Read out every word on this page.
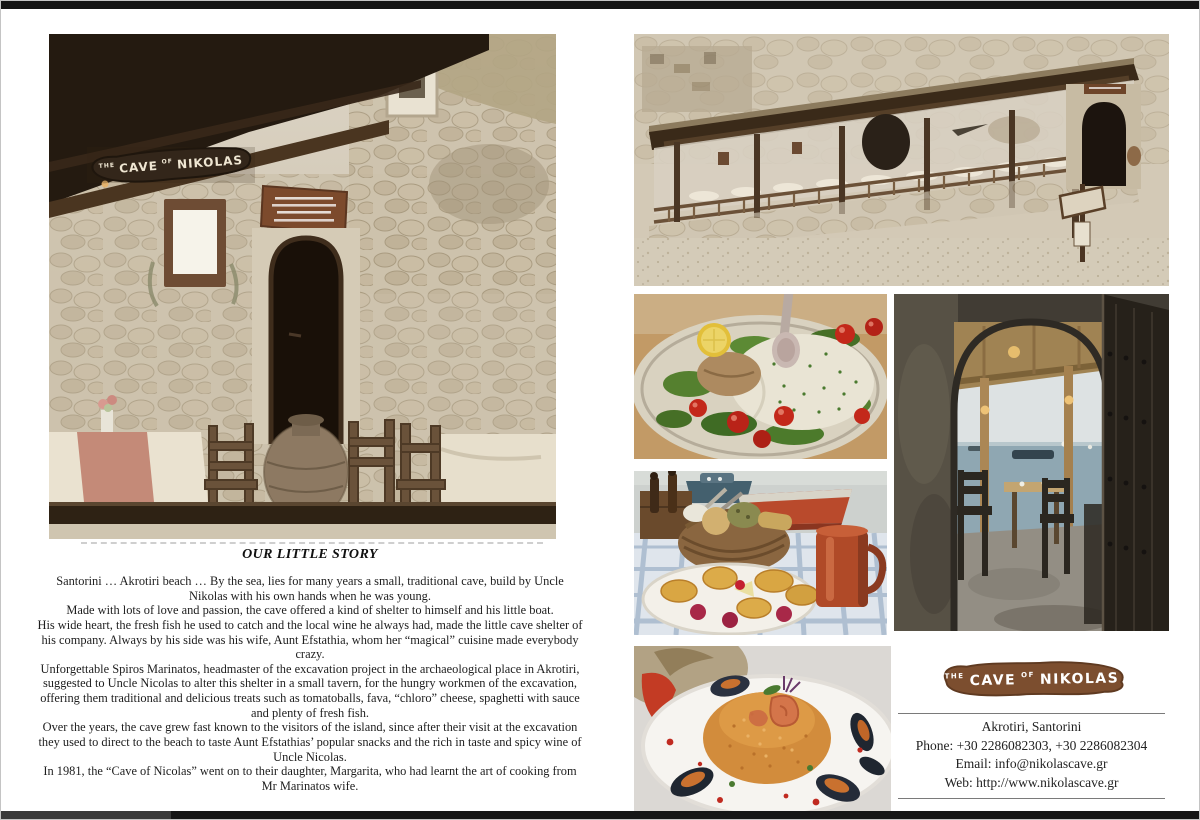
THE CAVE OF NIKOLAS
OUR LITTLE STORY

Santorini … Akrotiri beach … By the sea, lies for many years a small, traditional cave, build by Uncle Nikolas with his own hands when he was young.

Made with lots of love and passion, the cave offered a kind of shelter to himself and his little boat.

His wide heart, the fresh fish he used to catch and the local wine he always had, made the little cave shelter of his company. Always by his side was his wife, Aunt Efstathia, whom her “magical” cuisine made everybody crazy.

Unforgettable Spiros Marinatos, headmaster of the excavation project in the archaeological place in Akrotiri, suggested to Uncle Nicolas to alter this shelter in a small tavern, for the hungry workmen of the excavation, offering them traditional and delicious treats such as tomatoballs, fava, “chloro” cheese, spaghetti with sauce and plenty of fresh fish.

Over the years, the cave grew fast known to the visitors of the island, since after their visit at the excavation they used to direct to the beach to taste Aunt Efstathias’ popular snacks and the rich in taste and spicy wine of Uncle Nicolas.

In 1981, the “Cave of Nicolas” went on to their daughter, Margarita, who had learnt the art of cooking from Mr Marinatos wife.

THE CAVE OF NIKOLAS
Akrotiri, Santorini
Phone: +30 2286082303, +30 2286082304
Email: info@nikolascave.gr
Web: http://www.nikolascave.gr
